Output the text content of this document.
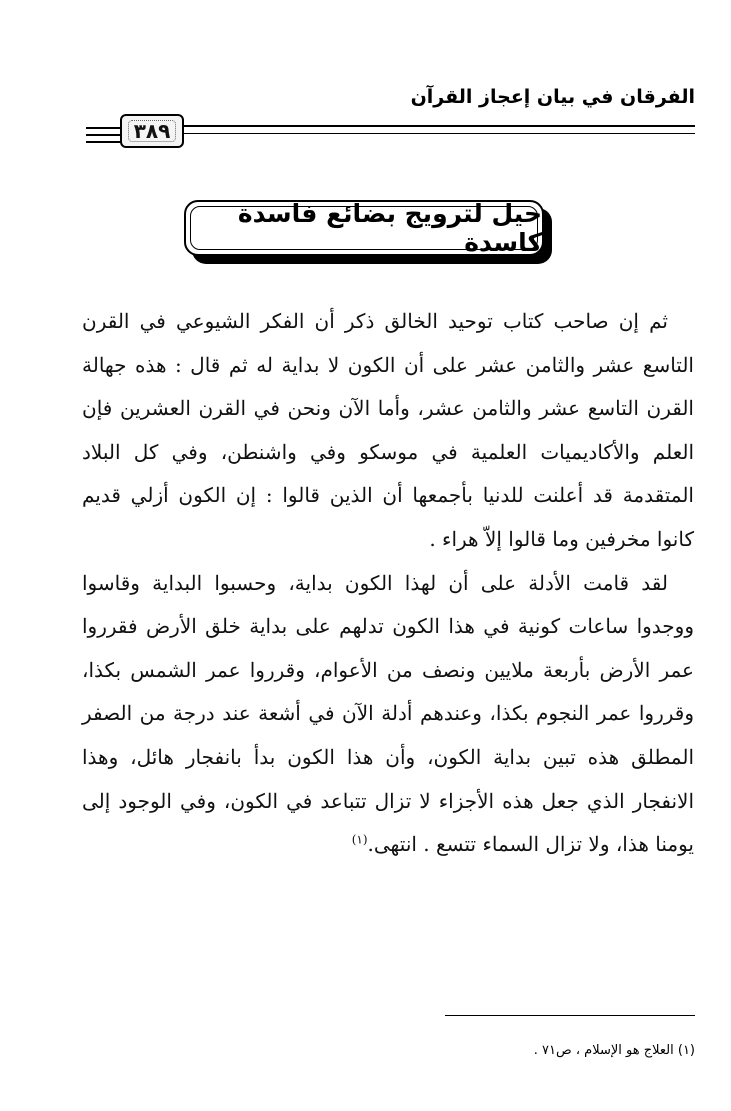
الفرقان في بيان إعجاز القرآن
٣٨٩
حيل لترويج بضائع فاسدة كاسدة

ثم إن صاحب كتاب توحيد الخالق ذكر أن الفكر الشيوعي في القرن التاسع عشر والثامن عشر على أن الكون لا بداية له ثم قال : هذه جهالة القرن التاسع عشر والثامن عشر، وأما الآن ونحن في القرن العشرين فإن العلم والأكاديميات العلمية في موسكو وفي واشنطن، وفي كل البلاد المتقدمة قد أعلنت للدنيا بأجمعها أن الذين قالوا : إن الكون أزلي قديم كانوا مخرفين وما قالوا إلاّ هراء .

لقد قامت الأدلة على أن لهذا الكون بداية، وحسبوا البداية وقاسوا ووجدوا ساعات كونية في هذا الكون تدلهم على بداية خلق الأرض فقرروا عمر الأرض بأربعة ملايين ونصف من الأعوام، وقرروا عمر الشمس بكذا، وقرروا عمر النجوم بكذا، وعندهم أدلة الآن في أشعة عند درجة من الصفر المطلق هذه تبين بداية الكون، وأن هذا الكون بدأ بانفجار هائل، وهذا الانفجار الذي جعل هذه الأجزاء لا تزال تتباعد في الكون، وفي الوجود إلى يومنا هذا، ولا تزال السماء تتسع . انتهى.$^{(١)}$

(١) العلاج هو الإسلام ، ص٧١ .
